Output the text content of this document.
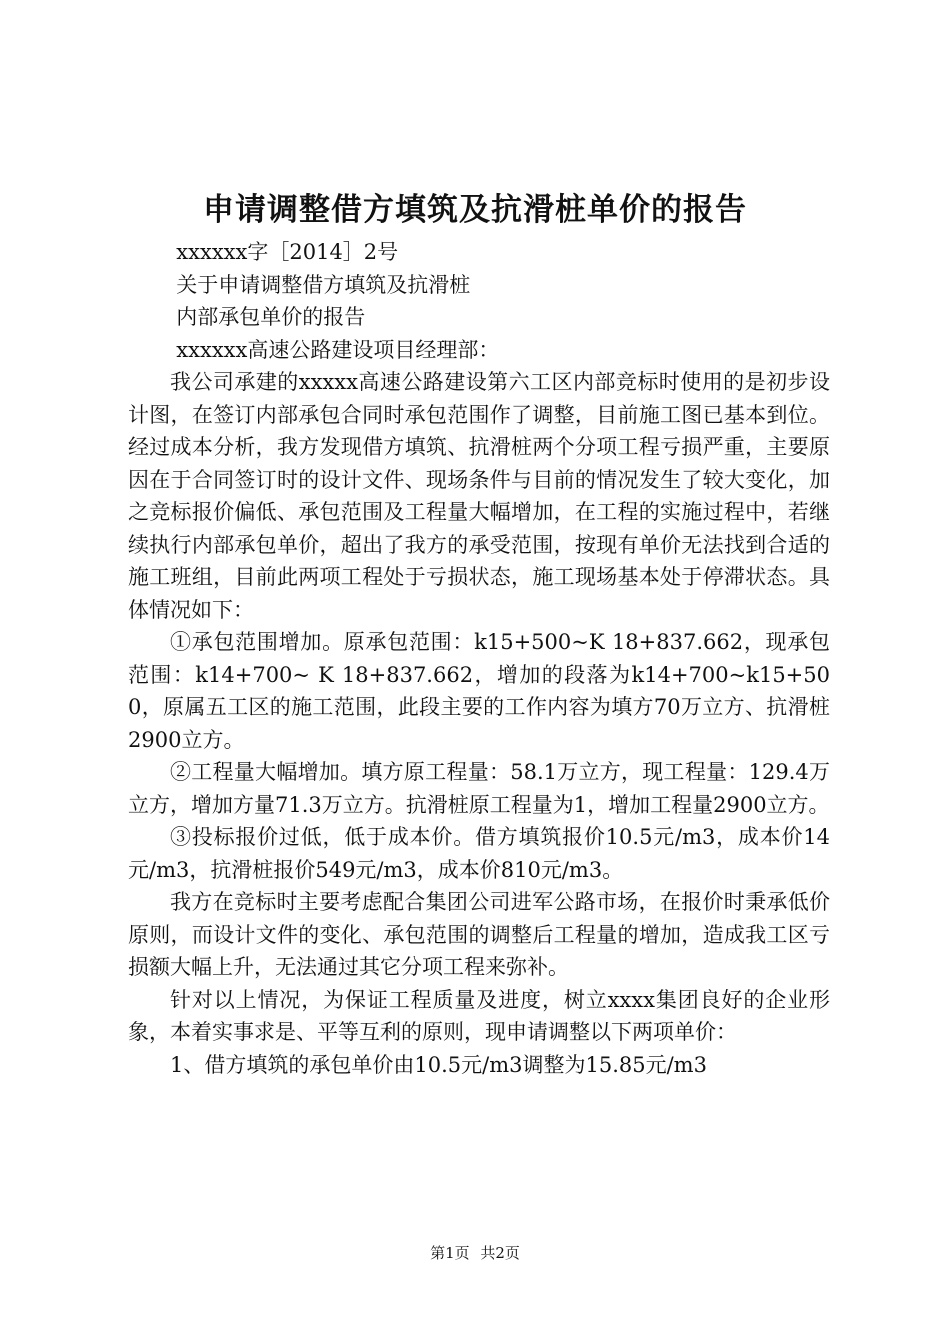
申请调整借方填筑及抗滑桩单价的报告

xxxxxx字［2014］2号

关于申请调整借方填筑及抗滑桩

内部承包单价的报告

xxxxxx高速公路建设项目经理部：

我公司承建的xxxxx高速公路建设第六工区内部竞标时使用的是初步设计图，在签订内部承包合同时承包范围作了调整，目前施工图已基本到位。经过成本分析，我方发现借方填筑、抗滑桩两个分项工程亏损严重，主要原因在于合同签订时的设计文件、现场条件与目前的情况发生了较大变化，加之竞标报价偏低、承包范围及工程量大幅增加，在工程的实施过程中，若继续执行内部承包单价，超出了我方的承受范围，按现有单价无法找到合适的施工班组，目前此两项工程处于亏损状态，施工现场基本处于停滞状态。具体情况如下：

①承包范围增加。原承包范围：k15+500~K 18+837.662，现承包范围：k14+700~ K 18+837.662，增加的段落为k14+700~k15+500，原属五工区的施工范围，此段主要的工作内容为填方70万立方、抗滑桩2900立方。

②工程量大幅增加。填方原工程量：58.1万立方，现工程量：129.4万立方，增加方量71.3万立方。抗滑桩原工程量为1，增加工程量2900立方。

③投标报价过低，低于成本价。借方填筑报价10.5元/m3，成本价14元/m3，抗滑桩报价549元/m3，成本价810元/m3。

我方在竞标时主要考虑配合集团公司进军公路市场，在报价时秉承低价原则，而设计文件的变化、承包范围的调整后工程量的增加，造成我工区亏损额大幅上升，无法通过其它分项工程来弥补。

针对以上情况，为保证工程质量及进度，树立xxxx集团良好的企业形象，本着实事求是、平等互利的原则，现申请调整以下两项单价：

1、借方填筑的承包单价由10.5元/m3调整为15.85元/m3

第1页 共2页
